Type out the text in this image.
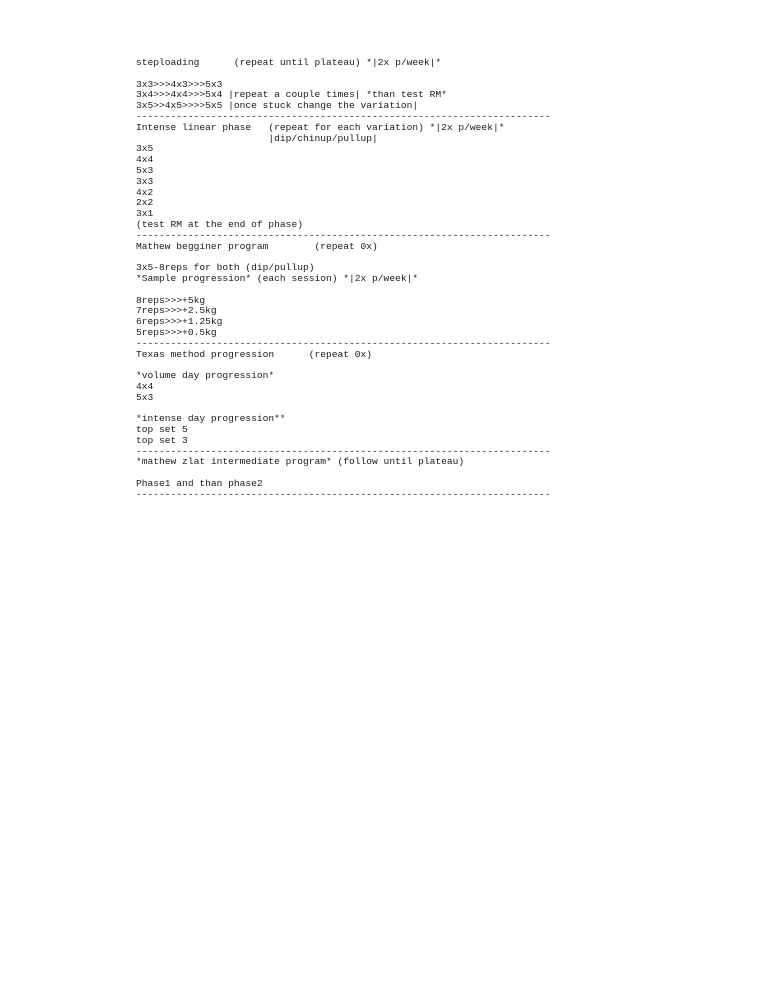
steploading      (repeat until plateau) *|2x p/week|*
3x3>>>4x3>>>5x3
3x4>>>4x4>>>5x4 |repeat a couple times| *than test RM*
3x5>>4x5>>>>5x5 |once stuck change the variation|
------------------------------------------------------------------------
Intense linear phase   (repeat for each variation) *|2x p/week|*
|dip/chinup/pullup|
3x5
4x4
5x3
3x3
4x2
2x2
3x1
(test RM at the end of phase)
------------------------------------------------------------------------
Mathew begginer program        (repeat 0x)
3x5-8reps for both (dip/pullup)
*Sample progression* (each session) *|2x p/week|*
8reps>>>+5kg
7reps>>>+2.5kg
6reps>>>+1.25kg
5reps>>>+0.5kg
------------------------------------------------------------------------
Texas method progression      (repeat 0x)
*volume day progression*
4x4
5x3
*intense day progression**
top set 5
top set 3
------------------------------------------------------------------------
*mathew zlat intermediate program* (follow until plateau)
Phase1 and than phase2
------------------------------------------------------------------------
